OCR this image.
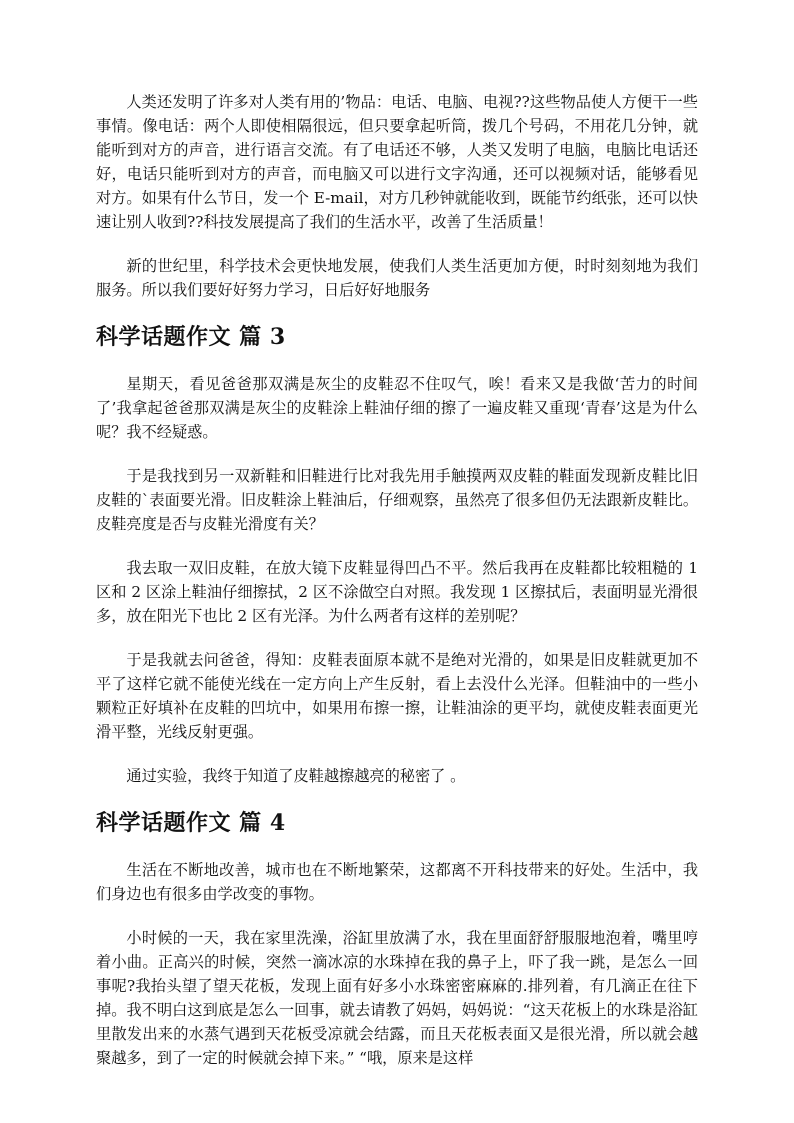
人类还发明了许多对人类有用的’物品：电话、电脑、电视??这些物品使人方便干一些事情。像电话：两个人即使相隔很远，但只要拿起听筒，拨几个号码，不用花几分钟，就能听到对方的声音，进行语言交流。有了电话还不够，人类又发明了电脑，电脑比电话还好，电话只能听到对方的声音，而电脑又可以进行文字沟通，还可以视频对话，能够看见对方。如果有什么节日，发一个 E-mail，对方几秒钟就能收到，既能节约纸张，还可以快速让别人收到??科技发展提高了我们的生活水平，改善了生活质量！

新的世纪里，科学技术会更快地发展，使我们人类生活更加方便，时时刻刻地为我们服务。所以我们要好好努力学习，日后好好地服务

科学话题作文 篇 3

星期天，看见爸爸那双满是灰尘的皮鞋忍不住叹气，唉！看来又是我做‘苦力的时间了’我拿起爸爸那双满是灰尘的皮鞋涂上鞋油仔细的擦了一遍皮鞋又重现‘青春’这是为什么呢？我不经疑惑。

于是我找到另一双新鞋和旧鞋进行比对我先用手触摸两双皮鞋的鞋面发现新皮鞋比旧皮鞋的`表面要光滑。旧皮鞋涂上鞋油后，仔细观察，虽然亮了很多但仍无法跟新皮鞋比。皮鞋亮度是否与皮鞋光滑度有关？

我去取一双旧皮鞋，在放大镜下皮鞋显得凹凸不平。然后我再在皮鞋都比较粗糙的 1 区和 2 区涂上鞋油仔细擦拭，2 区不涂做空白对照。我发现 1 区擦拭后，表面明显光滑很多，放在阳光下也比 2 区有光泽。为什么两者有这样的差别呢？

于是我就去问爸爸，得知：皮鞋表面原本就不是绝对光滑的，如果是旧皮鞋就更加不平了这样它就不能使光线在一定方向上产生反射，看上去没什么光泽。但鞋油中的一些小颗粒正好填补在皮鞋的凹坑中，如果用布擦一擦，让鞋油涂的更平均，就使皮鞋表面更光滑平整，光线反射更强。

通过实验，我终于知道了皮鞋越擦越亮的秘密了 。

科学话题作文 篇 4

生活在不断地改善，城市也在不断地繁荣，这都离不开科技带来的好处。生活中，我们身边也有很多由学改变的事物。

小时候的一天，我在家里洗澡，浴缸里放满了水，我在里面舒舒服服地泡着，嘴里哼着小曲。正高兴的时候，突然一滴冰凉的水珠掉在我的鼻子上，吓了我一跳，是怎么一回事呢?我抬头望了望天花板，发现上面有好多小水珠密密麻麻的.排列着，有几滴正在往下掉。我不明白这到底是怎么一回事，就去请教了妈妈，妈妈说：“这天花板上的水珠是浴缸里散发出来的水蒸气遇到天花板受凉就会结露，而且天花板表面又是很光滑，所以就会越聚越多，到了一定的时候就会掉下来。” “哦，原来是这样
